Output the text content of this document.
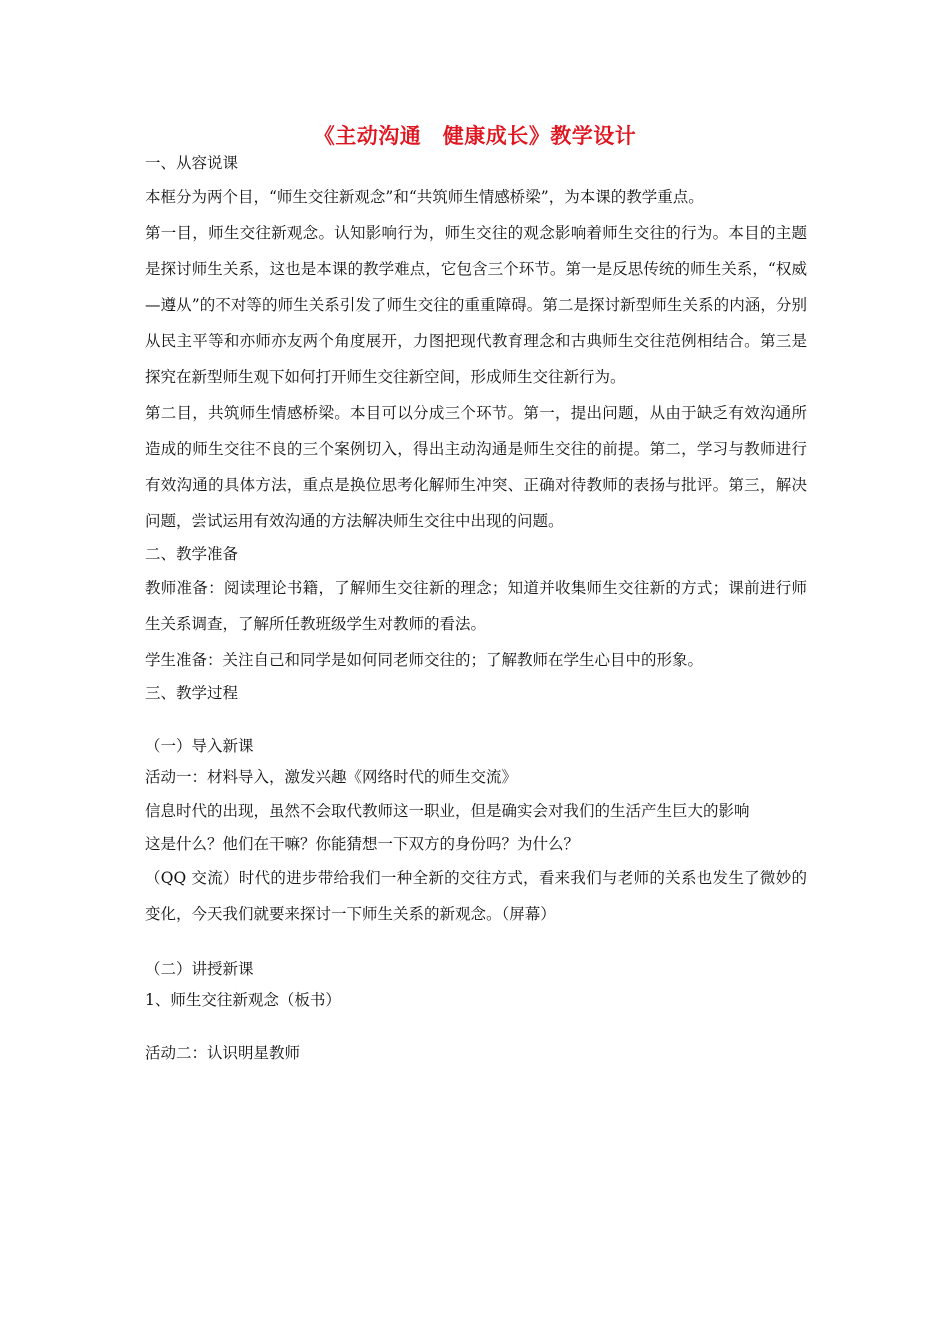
《主动沟通　健康成长》教学设计
一、从容说课
本框分为两个目，“师生交往新观念”和“共筑师生情感桥梁”，为本课的教学重点。
第一目，师生交往新观念。认知影响行为，师生交往的观念影响着师生交往的行为。本目的主题是探讨师生关系，这也是本课的教学难点，它包含三个环节。第一是反思传统的师生关系，“权威—遵从”的不对等的师生关系引发了师生交往的重重障碍。第二是探讨新型师生关系的内涵，分别从民主平等和亦师亦友两个角度展开，力图把现代教育理念和古典师生交往范例相结合。第三是探究在新型师生观下如何打开师生交往新空间，形成师生交往新行为。
第二目，共筑师生情感桥梁。本目可以分成三个环节。第一，提出问题，从由于缺乏有效沟通所造成的师生交往不良的三个案例切入，得出主动沟通是师生交往的前提。第二，学习与教师进行有效沟通的具体方法，重点是换位思考化解师生冲突、正确对待教师的表扬与批评。第三，解决问题，尝试运用有效沟通的方法解决师生交往中出现的问题。
二、教学准备
教师准备：阅读理论书籍，了解师生交往新的理念；知道并收集师生交往新的方式；课前进行师生关系调查，了解所任教班级学生对教师的看法。
学生准备：关注自己和同学是如何同老师交往的；了解教师在学生心目中的形象。
三、教学过程
（一）导入新课
活动一：材料导入，激发兴趣《网络时代的师生交流》
信息时代的出现，虽然不会取代教师这一职业，但是确实会对我们的生活产生巨大的影响
这是什么？他们在干嘛？你能猜想一下双方的身份吗？为什么？
（QQ 交流）时代的进步带给我们一种全新的交往方式，看来我们与老师的关系也发生了微妙的变化，今天我们就要来探讨一下师生关系的新观念。（屏幕）
（二）讲授新课
1、师生交往新观念（板书）
活动二：认识明星教师
